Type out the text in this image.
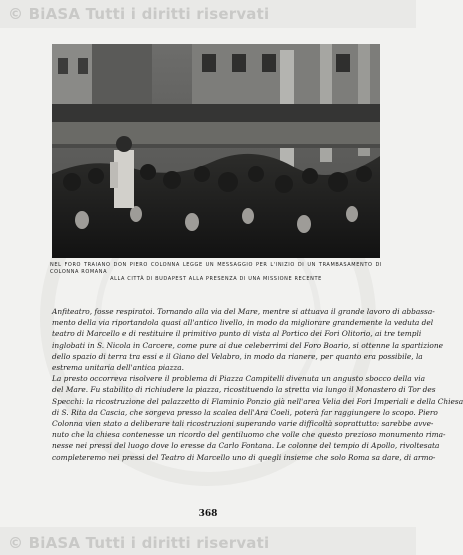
© BiASA Tutti i diritti riservati
© BiASA Tutti i diritti riservati
NEL FORO TRAIANO DON PIERO COLONNA LEGGE UN MESSAGGIO PER L'INIZIO DI UN TRAMBASAMENTO DI COLONNA ROMANA
ALLA CITTÀ DI BUDAPEST ALLA PRESENZA DI UNA MISSIONE RECENTE
Anfiteatro, fosse respiratoi. Tornando alla via del Mare, mentre si attuava il grande lavoro di abbassa-
mento della via riportandola quasi all'antico livello, in modo da migliorare grandemente la veduta del
teatro di Marcello e di restituire il primitivo punto di vista al Portico dei Fori Olitorio, ai tre templi
inglobati in S. Nicola in Carcere, come pure ai due celeberrimi del Foro Boario, si ottenne la spartizione
dello spazio di terra tra essi e il Giano del Velabro, in modo da rianere, per quanto era possibile, la
estrema unitaria dell'antica piazza.
La presto occorreva risolvere il problema di Piazza Campitelli divenuta un angusto sbocco della via
del Mare. Fu stabilito di richiudere la piazza, ricostituendo la stretta via lungo il Monastero di Tor des
Specchi: la ricostruzione del palazzetto di Flaminio Ponzio già nell'area Velia dei Fori Imperiali e della Chiesa
di S. Rita da Cascia, che sorgeva presso la scalea dell'Ara Coeli, poterà far raggiungere lo scopo. Piero
Colonna vien stato a deliberare tali ricostruzioni superando varie difficoltà soprattutto: sarebbe avve-
nuto che la chiesa contenesse un ricordo del gentiluomo che volle che questo prezioso monumento rima-
nesse nei pressi del luogo dove lo eresse da Carlo Fontana. Le colonne del tempio di Apollo, rivoltesata
completeremo nei pressi del Teatro di Marcello uno di quegli insieme che solo Roma sa dare, di armo-
368
